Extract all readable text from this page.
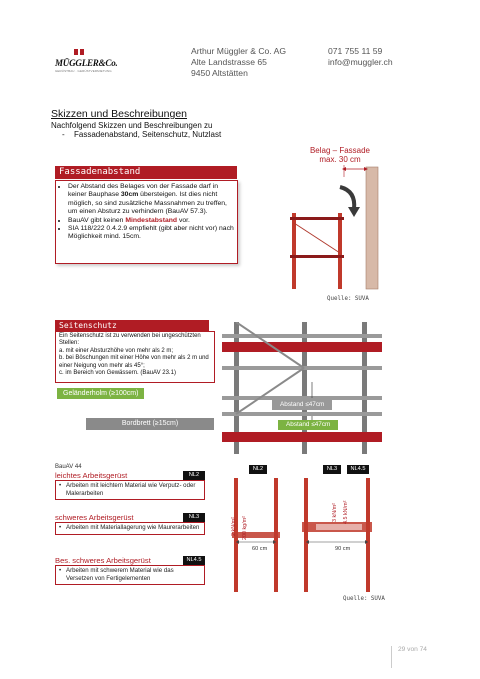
MÜGGLER&Co.
GERÜSTBAU · GERÜSTVERMIETUNG
Arthur Müggler & Co. AG
Alte Landstrasse 65
9450 Altstätten
071 755 11 59
info@muggler.ch
Skizzen und Beschreibungen
Nachfolgend Skizzen und Beschreibungen zu
- Fassadenabstand, Seitenschutz, Nutzlast
Fassadenabstand
• Der Abstand des Belages von der Fassade darf in keiner Bauphase 30cm übersteigen. Ist dies nicht möglich, so sind zusätzliche Massnahmen zu treffen, um einen Absturz zu verhindern (BauAV 57.3).
• BauAV gibt keinen Mindestabstand vor.
• SIA 118/222 0.4.2.9 empfiehlt (gibt aber nicht vor) nach Möglichkeit mind. 15cm.
Belag – Fassade
max. 30 cm
Quelle: SUVA
Seitenschutz
Ein Seitenschutz ist zu verwenden bei ungeschützten Stellen:
a. mit einer Absturzhöhe von mehr als 2 m;
b. bei Böschungen mit einer Höhe von mehr als 2 m und einer Neigung von mehr als 45°;
c. im Bereich von Gewässern. (BauAV 23.1)
Geländerholm (≥100cm)
Bordbrett (≥15cm)
Abstand ≤47cm
Abstand ≤47cm
BauAV 44
leichtes Arbeitsgerüst	NL2
• Arbeiten mit leichtem Material wie Verputz- oder Malerarbeiten
schweres Arbeitsgerüst	NL3
• Arbeiten mit Materiallagerung wie Maurerarbeiten
Bes. schweres Arbeitsgerüst	NL4.5
• Arbeiten mit schwerem Material wie das Versetzen von Fertigelementen
NL2	NL3	NL4.5
2 kN/m² 200 kg/m²
3 kN/m² 4.5 kN/m²
60 cm	90 cm
Quelle: SUVA
29 von 74
